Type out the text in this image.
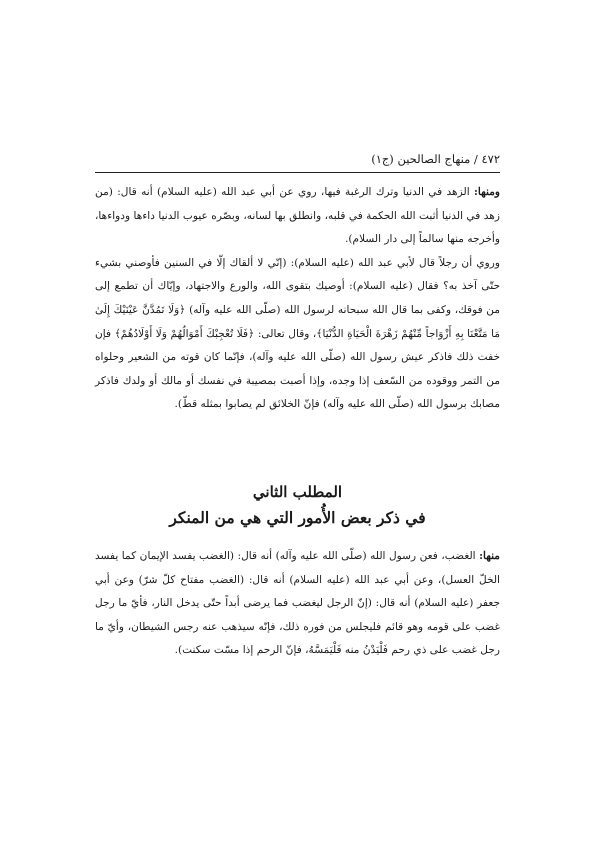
٤٧٢ / منهاج الصالحين (ج١)

ومنها: الزهد في الدنيا وترك الرغبة فيها، روي عن أبي عبد الله (عليه السلام) أنه قال: (من زهد في الدنيا أثبت الله الحكمة في قلبه، وانطلق بها لسانه، وبصّره عيوب الدنيا داءها ودواءها، وأخرجه منها سالماً إلى دار السلام).

وروي أن رجلاً قال لأبي عبد الله (عليه السلام): (إنّي لا ألقاك إلّا في السنين فأوصني بشيء حتّى آخذ به؟ فقال (عليه السلام): أوصيك بتقوى الله، والورع والاجتهاد، وإيّاك أن تطمع إلى من فوقك، وكفى بما قال الله سبحانه لرسول الله (صلّى الله عليه وآله) ﴿وَلَا تَمُدَّنَّ عَيْنَيْكَ إِلَىٰ مَا مَتَّعْنَا بِهِ أَزْوَاجاً مِّنْهُمْ زَهْرَةَ الْحَيَاةِ الدُّنْيَا﴾، وقال تعالى: ﴿فَلَا تُعْجِبْكَ أَمْوَالُهُمْ وَلَا أَوْلَادُهُمْ﴾ فإن خفت ذلك فاذكر عيش رسول الله (صلّى الله عليه وآله)، فإنّما كان قوته من الشعير وحلواه من التمر ووقوده من السّعف إذا وجده، وإذا أصبت بمصيبة في نفسك أو مالك أو ولدك فاذكر مصابك برسول الله (صلّى الله عليه وآله) فإنّ الخلائق لم يصابوا بمثله قطّ).

المطلب الثاني
في ذكر بعض الأُمور التي هي من المنكر

منها: الغضب، فعن رسول الله (صلّى الله عليه وآله) أنه قال: (الغضب يفسد الإيمان كما يفسد الخلّ العسل)، وعن أبي عبد الله (عليه السلام) أنه قال: (الغضب مفتاح كلّ شرّ) وعن أبي جعفر (عليه السلام) أنه قال: (إنّ الرجل ليغضب فما يرضى أبداً حتّى يدخل النار، فأيّ ما رجل غضب على قومه وهو قائم فليجلس من فوره ذلك، فإنّه سيذهب عنه رجس الشيطان، وأيّ ما رجل غضب على ذي رحم فَلْيَدْنُ منه فَلْيَمَسَّهُ، فإنّ الرحم إذا مسّت سكنت).
